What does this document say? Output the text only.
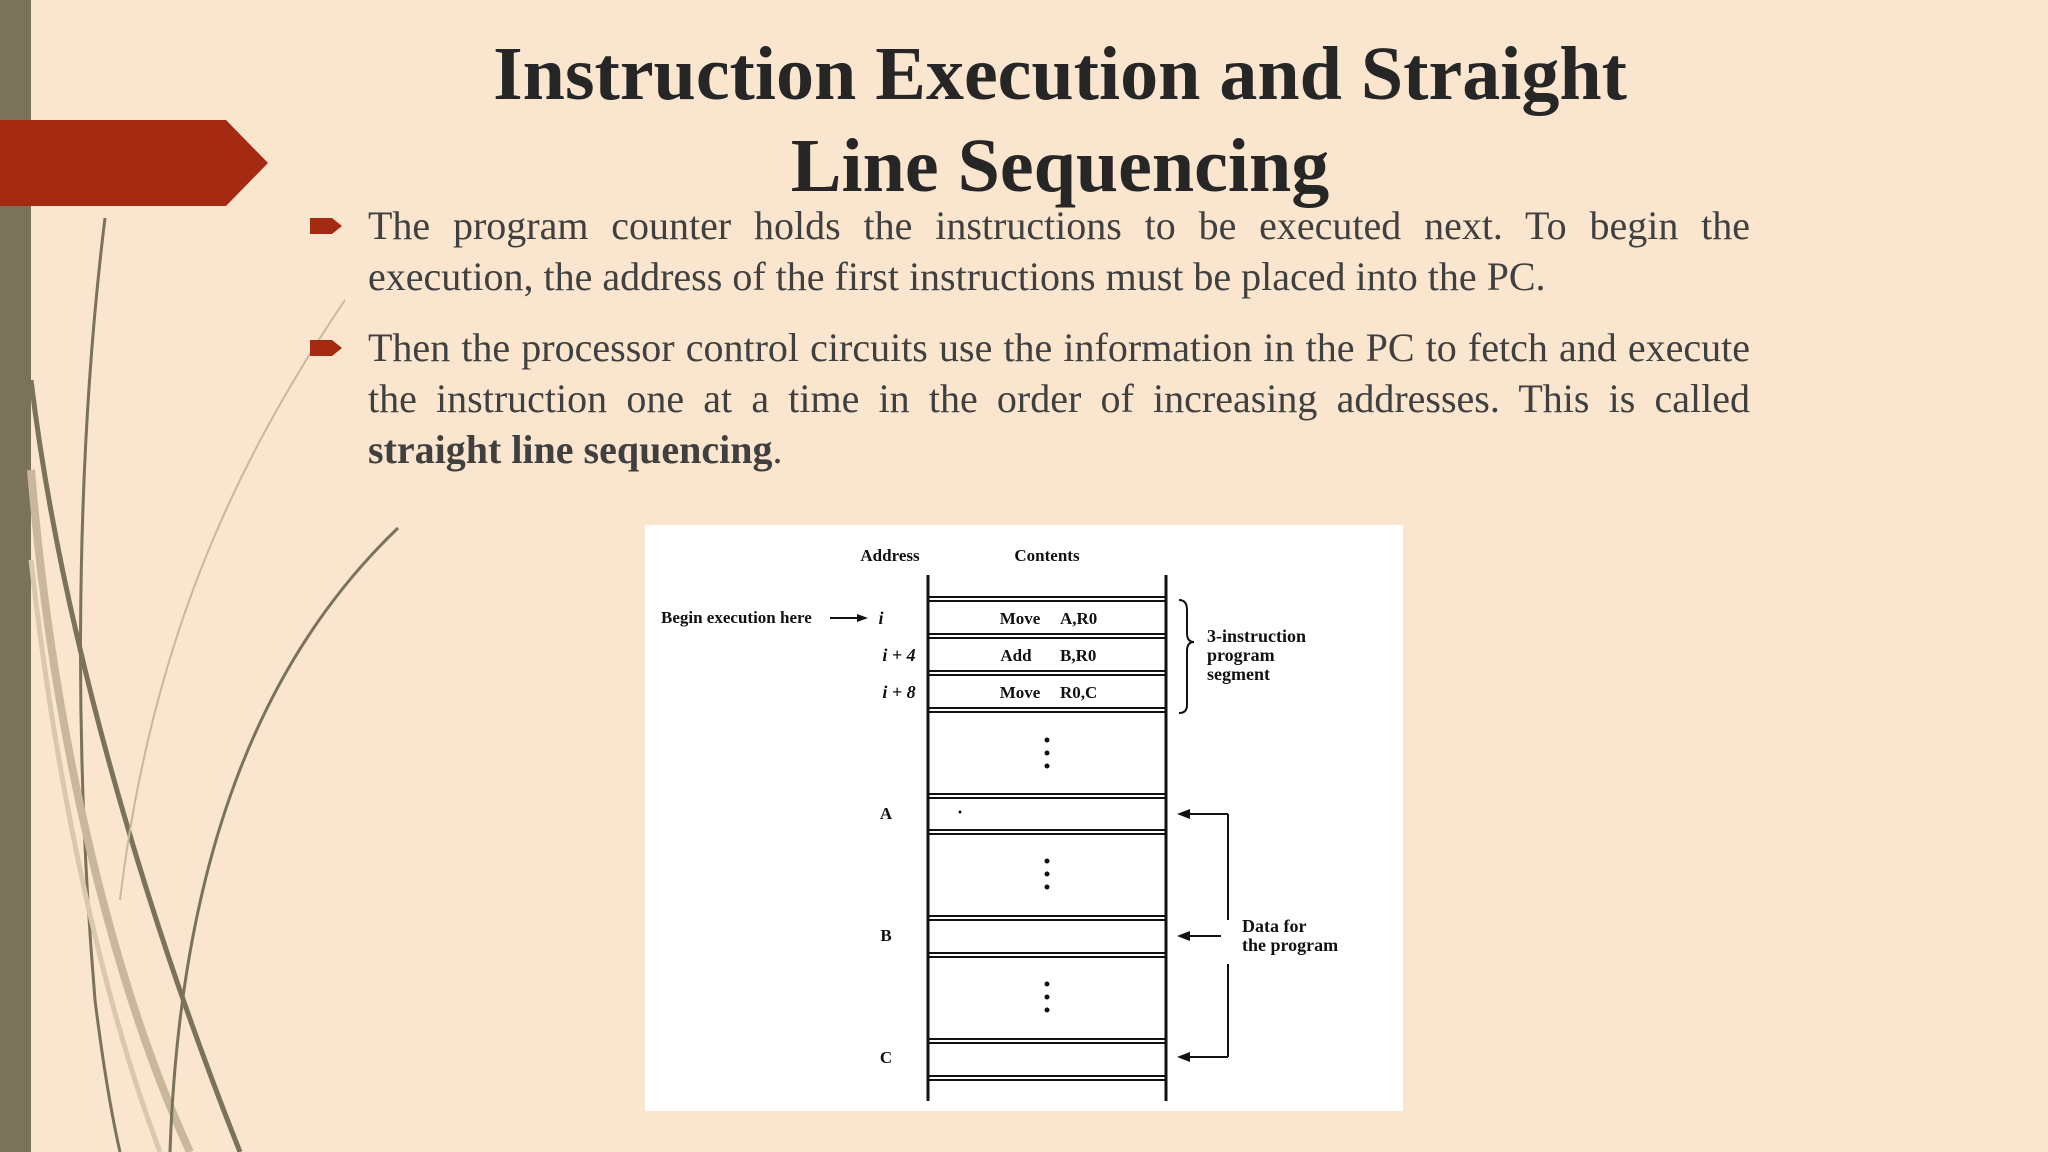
Instruction Execution and Straight
Line Sequencing
The program counter holds the instructions to be executed next. To begin the execution, the address of the first instructions must be placed into the PC.
Then the processor control circuits use the information in the PC to fetch and execute the instruction one at a time in the order of increasing addresses. This is called straight line sequencing.
Address	Contents
Begin execution here	i	Move A,R0
i + 4	Add B,R0
i + 8	Move R0,C
A
B
C
3-instruction
program
segment
Data for
the program
